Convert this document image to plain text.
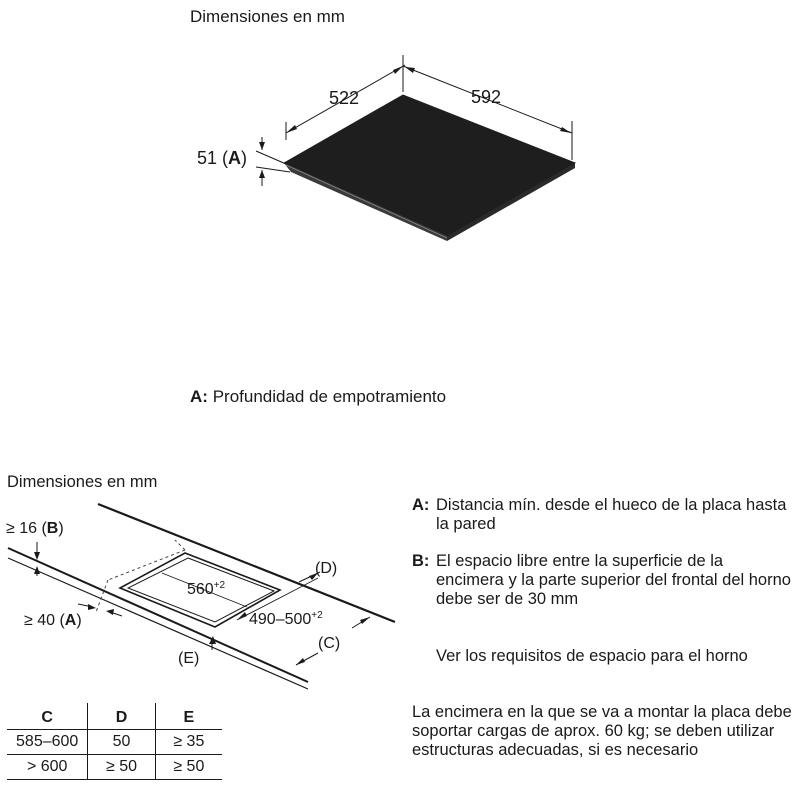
Dimensiones en mm
522	592
51 (A)
A: Profundidad de empotramiento
Dimensiones en mm
$560^{+2}$
$490-500^{+2}$
(D)
(C)
(E)
≥ 16 (B)
≥ 40 (A)
C	D	E
585–600	50	≥ 35
> 600	≥ 50	≥ 50
A: Distancia mín. desde el hueco de la placa hasta la pared
B: El espacio libre entre la superficie de la encimera y la parte superior del frontal del horno debe ser de 30 mm
Ver los requisitos de espacio para el horno
La encimera en la que se va a montar la placa debe soportar cargas de aprox. 60 kg; se deben utilizar estructuras adecuadas, si es necesario
